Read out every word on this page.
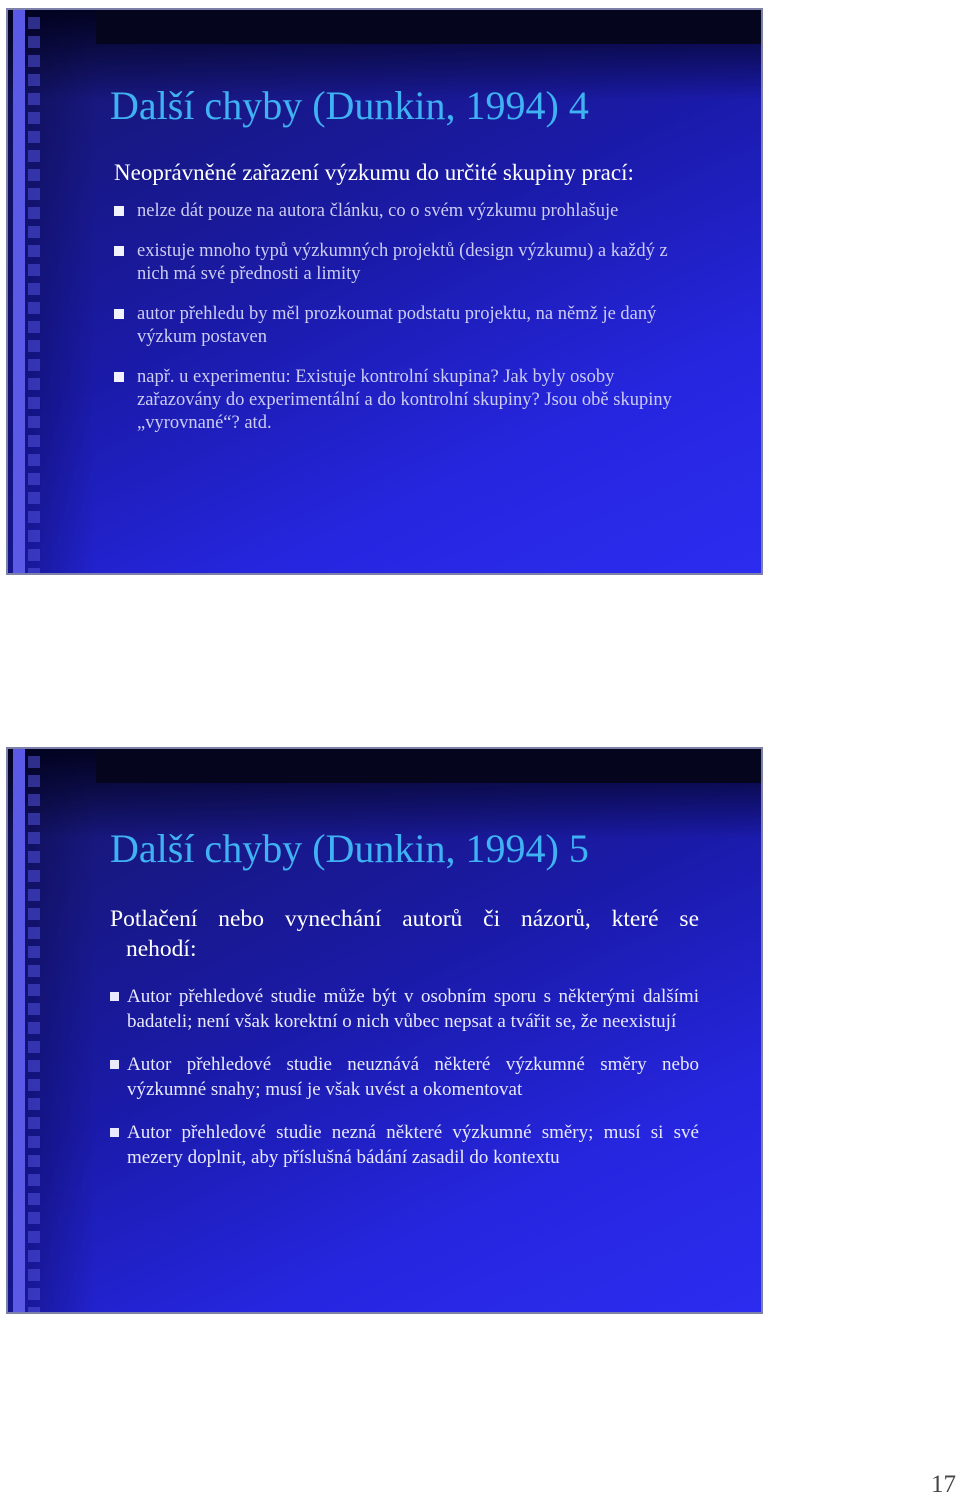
Další chyby (Dunkin, 1994) 4
Neoprávněné zařazení výzkumu do určité skupiny prací:
nelze dát pouze na autora článku, co o svém výzkumu prohlašuje
existuje mnoho typů výzkumných projektů (design výzkumu) a každý z nich má své přednosti a limity
autor přehledu by měl prozkoumat podstatu projektu, na němž je daný výzkum postaven
např. u experimentu: Existuje kontrolní skupina? Jak byly osoby zařazovány do experimentální a do kontrolní skupiny? Jsou obě skupiny „vyrovnané“? atd.
Další chyby (Dunkin, 1994) 5
Potlačení nebo vynechání autorů či názorů, které se
nehodí:
Autor přehledové studie může být v osobním sporu s některými dalšími badateli; není však korektní o nich vůbec nepsat a tvářit se, že neexistují
Autor přehledové studie neuznává některé výzkumné směry nebo výzkumné snahy; musí je však uvést a okomentovat
Autor přehledové studie nezná některé výzkumné směry; musí si své mezery doplnit, aby příslušná bádání zasadil do kontextu
17
